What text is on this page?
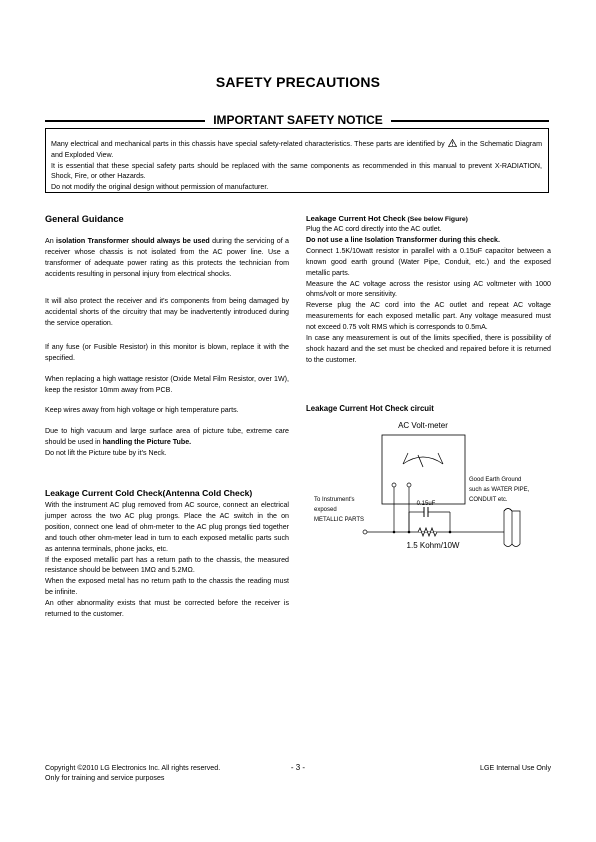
SAFETY PRECAUTIONS
IMPORTANT SAFETY NOTICE

Many electrical and mechanical parts in this chassis have special safety-related characteristics. These parts are identified by in the Schematic Diagram and Exploded View.

It is essential that these special safety parts should be replaced with the same components as recommended in this manual to prevent X-RADIATION, Shock, Fire, or other Hazards.

Do not modify the original design without permission of manufacturer.

General Guidance
An isolation Transformer should always be used during the servicing of a receiver whose chassis is not isolated from the AC power line. Use a transformer of adequate power rating as this protects the technician from accidents resulting in personal injury from electrical shocks.
It will also protect the receiver and it's components from being damaged by accidental shorts of the circuitry that may be inadvertently introduced during the service operation.
If any fuse (or Fusible Resistor) in this monitor is blown, replace it with the specified.
When replacing a high wattage resistor (Oxide Metal Film Resistor, over 1W), keep the resistor 10mm away from PCB.
Keep wires away from high voltage or high temperature parts.
Due to high vacuum and large surface area of picture tube, extreme care should be used in handling the Picture Tube.
Do not lift the Picture tube by it's Neck.
Leakage Current Cold Check(Antenna Cold Check)
With the instrument AC plug removed from AC source, connect an electrical jumper across the two AC plug prongs. Place the AC switch in the on position, connect one lead of ohm-meter to the AC plug prongs tied together and touch other ohm-meter lead in turn to each exposed metallic parts such as antenna terminals, phone jacks, etc.
If the exposed metallic part has a return path to the chassis, the measured resistance should be between 1MΩ and 5.2MΩ.
When the exposed metal has no return path to the chassis the reading must be infinite.
An other abnormality exists that must be corrected before the receiver is returned to the customer.
Leakage Current Hot Check (See below Figure)
Plug the AC cord directly into the AC outlet.
Do not use a line Isolation Transformer during this check.
Connect 1.5K/10watt resistor in parallel with a 0.15uF capacitor between a known good earth ground (Water Pipe, Conduit, etc.) and the exposed metallic parts.
Measure the AC voltage across the resistor using AC voltmeter with 1000 ohms/volt or more sensitivity.
Reverse plug the AC cord into the AC outlet and repeat AC voltage measurements for each exposed metallic part. Any voltage measured must not exceed 0.75 volt RMS which is corresponds to 0.5mA.
In case any measurement is out of the limits specified, there is possibility of shock hazard and the set must be checked and repaired before it is returned to the customer.
Leakage Current Hot Check circuit
AC Volt-meter
0.15uF
1.5 Kohm/10W
To Instrument's
exposed
METALLIC PARTS
Good Earth Ground
such as WATER PIPE,
CONDUIT etc.
Copyright ©2010 LG Electronics Inc. All rights reserved.
Only for training and service purposes
- 3 -	LGE Internal Use Only
